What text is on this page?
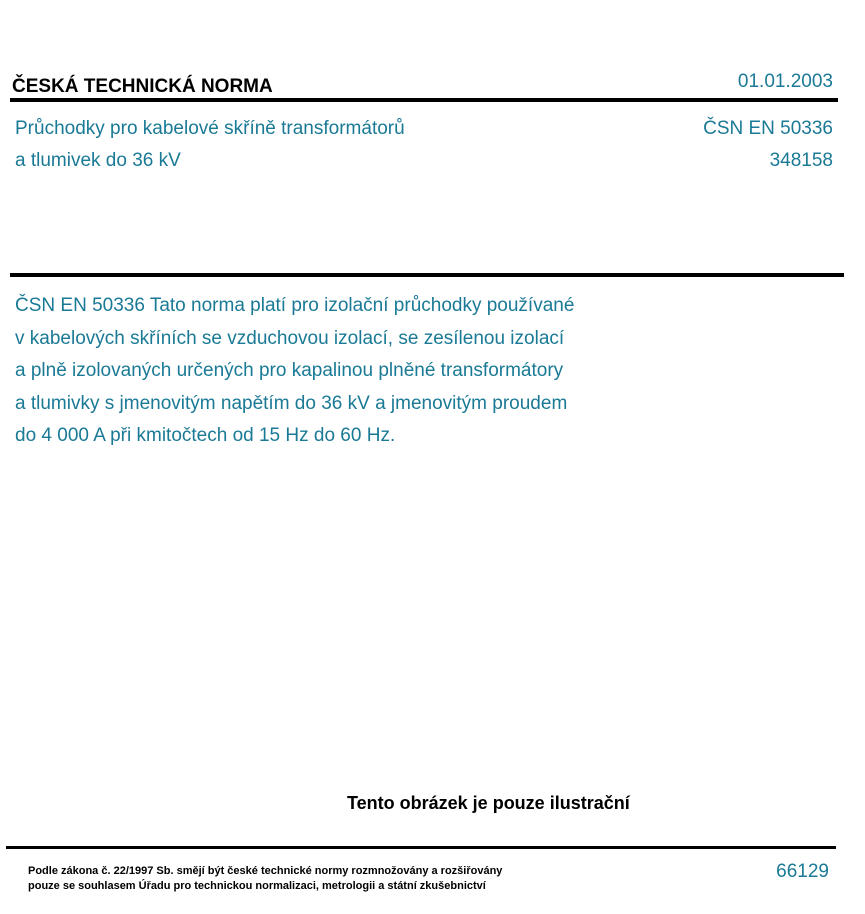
ČESKÁ TECHNICKÁ NORMA	01.01.2003
Průchodky pro kabelové skříně transformátorů
a tlumivek do 36 kV
ČSN EN 50336
348158
ČSN EN 50336 Tato norma platí pro izolační průchodky používané
v kabelových skříních se vzduchovou izolací, se zesílenou izolací
a plně izolovaných určených pro kapalinou plněné transformátory
a tlumivky s jmenovitým napětím do 36 kV a jmenovitým proudem
do 4 000 A při kmitočtech od 15 Hz do 60 Hz.
Tento obrázek je pouze ilustrační
Podle zákona č. 22/1997 Sb. smějí být české technické normy rozmnožovány a rozšiřovány
pouze se souhlasem Úřadu pro technickou normalizaci, metrologii a státní zkušebnictví
66129
